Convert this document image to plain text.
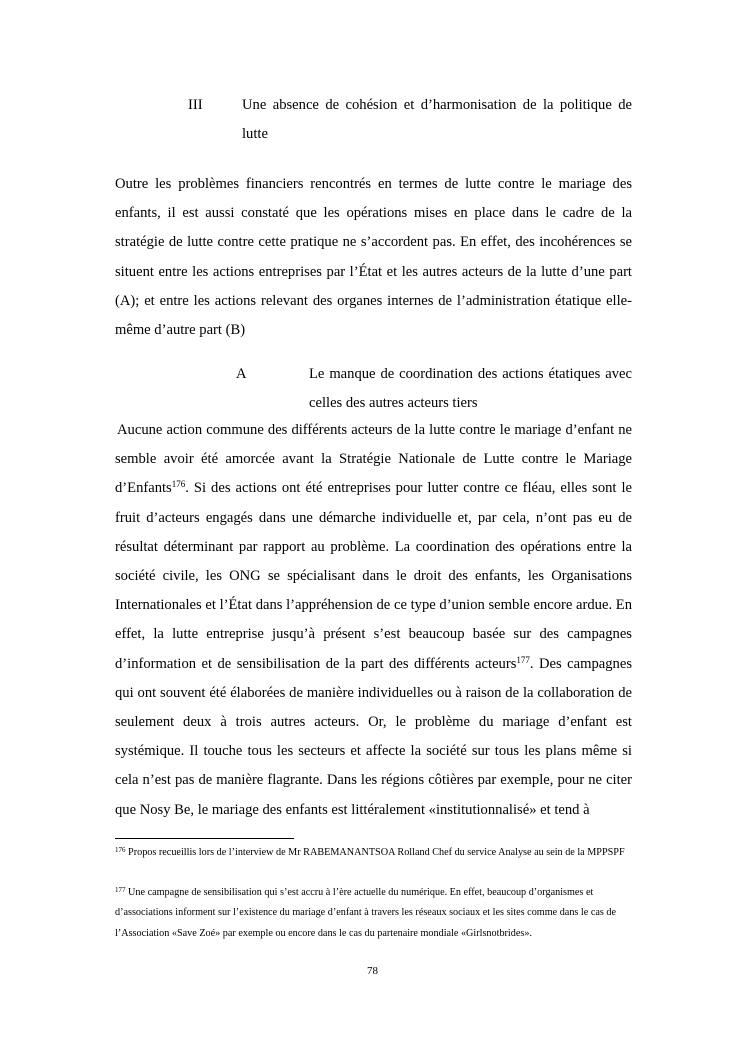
III	Une absence de cohésion et d’harmonisation de la politique de lutte

Outre les problèmes financiers rencontrés en termes de lutte contre le mariage des enfants, il est aussi constaté que les opérations mises en place dans le cadre de la stratégie de lutte contre cette pratique ne s’accordent pas. En effet, des incohérences se situent entre les actions entreprises par l’État et les autres acteurs de la lutte d’une part (A); et entre les actions relevant des organes internes de l’administration étatique elle-même d’autre part (B)

A	Le manque de coordination des actions étatiques avec celles des autres acteurs tiers

Aucune action commune des différents acteurs de la lutte contre le mariage d’enfant ne semble avoir été amorcée avant la Stratégie Nationale de Lutte contre le Mariage d’Enfants$^{176}$. Si des actions ont été entreprises pour lutter contre ce fléau, elles sont le fruit d’acteurs engagés dans une démarche individuelle et, par cela, n’ont pas eu de résultat déterminant par rapport au problème. La coordination des opérations entre la société civile, les ONG se spécialisant dans le droit des enfants, les Organisations Internationales et l’État dans l’appréhension de ce type d’union semble encore ardue. En effet, la lutte entreprise jusqu’à présent s’est beaucoup basée sur des campagnes d’information et de sensibilisation de la part des différents acteurs$^{177}$. Des campagnes qui ont souvent été élaborées de manière individuelles ou à raison de la collaboration de seulement deux à trois autres acteurs. Or, le problème du mariage d’enfant est systémique. Il touche tous les secteurs et affecte la société sur tous les plans même si cela n’est pas de manière flagrante. Dans les régions côtières par exemple, pour ne citer que Nosy Be, le mariage des enfants est littéralement «institutionnalisé» et tend à

$^{176}$ Propos recueillis lors de l’interview de Mr RABEMANANTSOA Rolland Chef du service Analyse au sein de la MPPSPF

$^{177}$ Une campagne de sensibilisation qui s’est accru à l’ère actuelle du numérique. En effet, beaucoup d’organismes et d’associations informent sur l’existence du mariage d’enfant à travers les réseaux sociaux et les sites comme dans le cas de l’Association «Save Zoé» par exemple ou encore dans le cas du partenaire mondiale «Girlsnotbrides».

78
